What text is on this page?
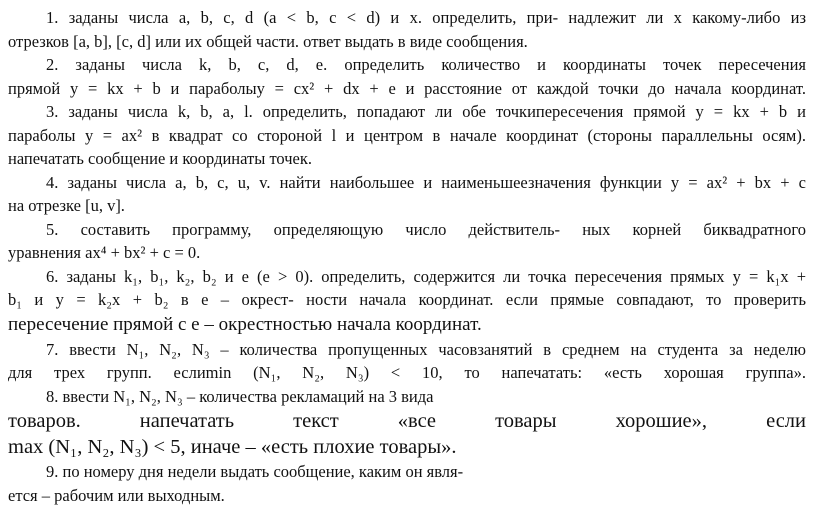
1. заданы числа a, b, c, d (a < b, c < d) и x. определить, при- надлежит ли x какому-либо из
отрезков [a, b], [c, d] или их общей части. ответ выдать в виде сообщения.
2. заданы числа k, b, c, d, e. определить количество и координаты точек пересечения
прямой y = kx + b и параболыy = cx² + dx + e и расстояние от каждой точки до начала координат.
3. заданы числа k, b, a, l. определить, попадают ли обе точкипересечения прямой y = kx + b и
параболы y = ax² в квадрат со стороной l и центром в начале координат (стороны параллельны осям).
напечатать сообщение и координаты точек.
4. заданы числа a, b, c, u, v. найти наибольшее и наименьшеезначения функции y = ax² + bx + c
на отрезке [u, v].
5. составить программу, определяющую число действитель- ных корней биквадратного
уравнения ax⁴ + bx² + c = 0.
6. заданы k₁, b₁, k₂, b₂ и e (e > 0). определить, содержится ли точка пересечения прямых y = k₁x +
b₁ и y = k₂x + b₂ в e – окрест- ности начала координат. если прямые совпадают, то проверить
пересечение прямой с e – окрестностью начала координат.
7. ввести N₁, N₂, N₃ – количества пропущенных часовзанятий в среднем на студента за неделю
для трех групп. еслиmin (N₁, N₂, N₃) < 10, то напечатать: «есть хорошая группа».
8. ввести N₁, N₂, N₃ – количества рекламаций на 3 вида
товаров. напечатать текст «все товары хорошие», если
max (N₁, N₂, N₃) < 5, иначе – «есть плохие товары».
9. по номеру дня недели выдать сообщение, каким он явля-
ется – рабочим или выходным.
